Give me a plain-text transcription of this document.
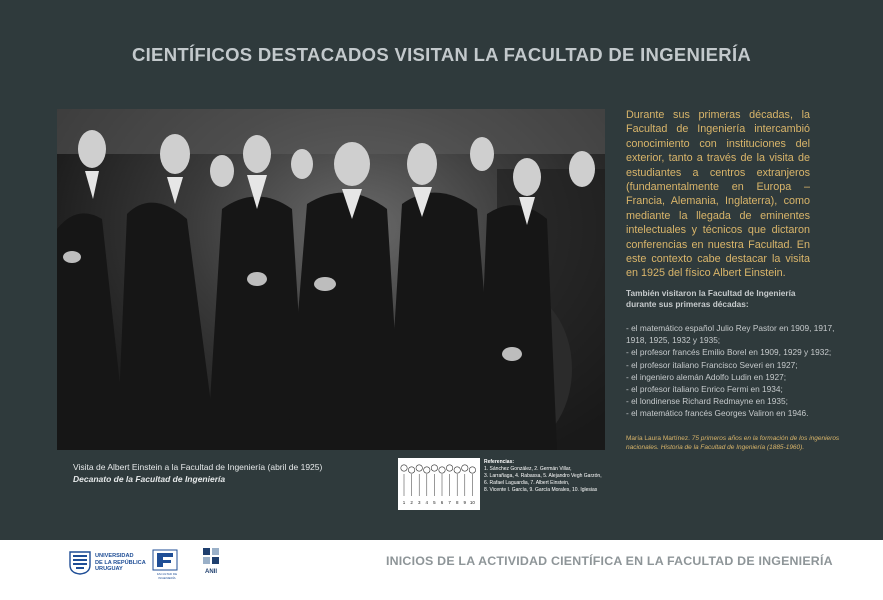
CIENTÍFICOS DESTACADOS VISITAN LA FACULTAD DE INGENIERÍA
Visita de Albert Einstein a la Facultad de Ingeniería (abril de 1925)
Decanato de la Facultad de Ingeniería
1 2 3 4 5 6 7 8 9 10
Referencias:
1. Sánchez González, 2. Germán Villar,
3. Larrañaga, 4. Rabassa, 5. Alejandro Vegh Garzón,
6. Rafael Laguardia, 7. Albert Einstein,
8. Vicente I. García, 9. García Morales, 10. Iglesias
Durante sus primeras décadas, la Facultad de Ingeniería intercambió conocimiento con instituciones del exterior, tanto a través de la visita de estudiantes a centros extranjeros (fundamentalmente en Europa –Francia, Alemania, Inglaterra), como mediante la llegada de eminentes intelectuales y técnicos que dictaron conferencias en nuestra Facultad. En este contexto cabe destacar la visita en 1925 del físico Albert Einstein.
También visitaron la Facultad de Ingeniería durante sus primeras décadas:
- el matemático español Julio Rey Pastor en 1909, 1917, 1918, 1925, 1932 y 1935;
- el profesor francés Emilio Borel en 1909, 1929 y 1932;
- el profesor italiano Francisco Severi en 1927;
- el ingeniero alemán Adolfo Ludin en 1927;
- el profesor italiano Enrico Fermi en 1934;
- el londinense Richard Redmayne en 1935;
- el matemático francés Georges Valiron en 1946.
María Laura Martínez. 75 primeros años en la formación de los ingenieros nacionales. Historia de la Facultad de Ingeniería (1885-1960).
UNIVERSIDAD
DE LA REPÚBLICA
URUGUAY
FACULTAD DE INGENIERÍA
ANII
INICIOS DE LA ACTIVIDAD CIENTÍFICA EN LA FACULTAD DE INGENIERÍA
